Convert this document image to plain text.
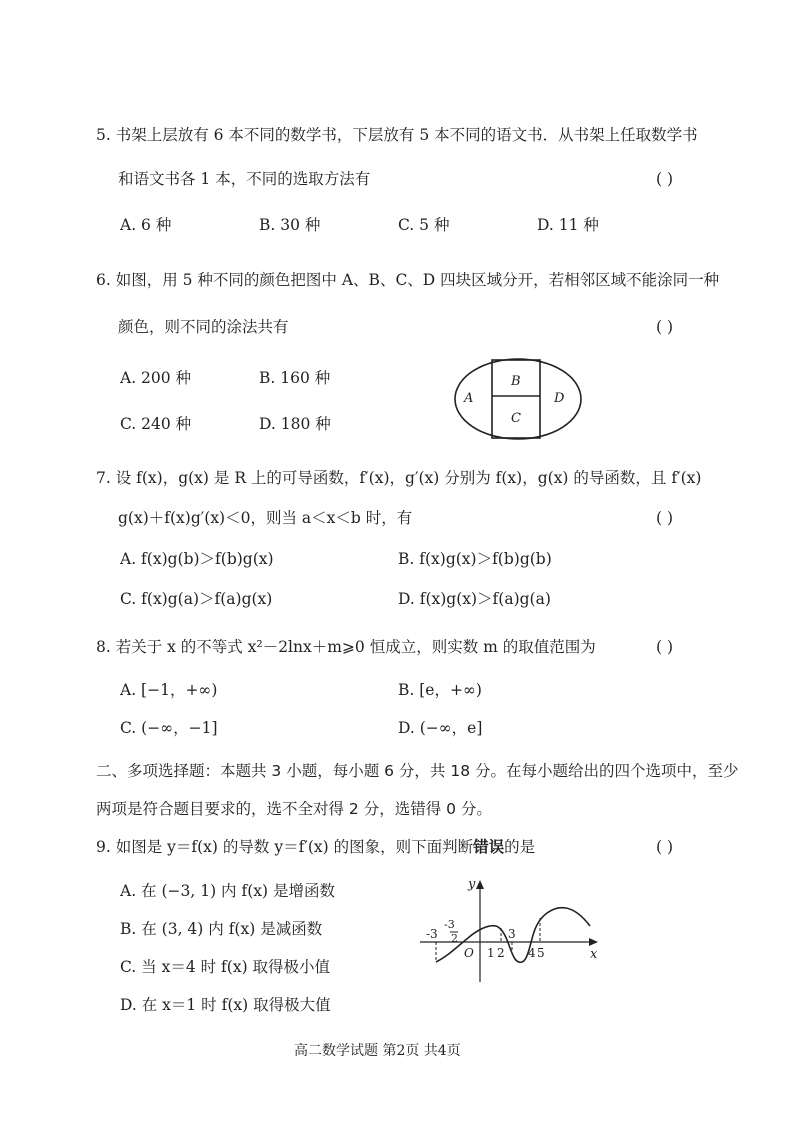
5. 书架上层放有 6 本不同的数学书，下层放有 5 本不同的语文书．从书架上任取数学书
和语文书各 1 本，不同的选取方法有	( )
A. 6 种	B. 30 种	C. 5 种	D. 11 种
6. 如图，用 5 种不同的颜色把图中 A、B、C、D 四块区域分开，若相邻区域不能涂同一种
颜色，则不同的涂法共有	( )
A. 200 种	B. 160 种
C. 240 种	D. 180 种
A
B
C
D
7. 设 f(x)，g(x) 是 R 上的可导函数，f′(x)，g′(x) 分别为 f(x)，g(x) 的导函数，且 f′(x)
g(x)＋f(x)g′(x)＜0，则当 a＜x＜b 时，有	( )
A. f(x)g(b)＞f(b)g(x)	B. f(x)g(x)＞f(b)g(b)
C. f(x)g(a)＞f(a)g(x)	D. f(x)g(x)＞f(a)g(a)
8. 若关于 x 的不等式 x²－2lnx＋m⩾0 恒成立，则实数 m 的取值范围为	( )
A. [−1，+∞)	B. [e，+∞)
C. (−∞，−1]	D. (−∞，e]
二、多项选择题：本题共 3 小题，每小题 6 分，共 18 分。在每小题给出的四个选项中，至少
两项是符合题目要求的，选不全对得 2 分，选错得 0 分。
9. 如图是 y＝f(x) 的导数 y＝f′(x) 的图象，则下面判断错误的是	( )
A. 在 (−3, 1) 内 f(x) 是增函数
B. 在 (3, 4) 内 f(x) 是减函数
C. 当 x＝4 时 f(x) 取得极小值
D. 在 x＝1 时 f(x) 取得极大值
y
x
-3
-3
2
O 1 2
3
4 5
高二数学试题 第2页 共4页
